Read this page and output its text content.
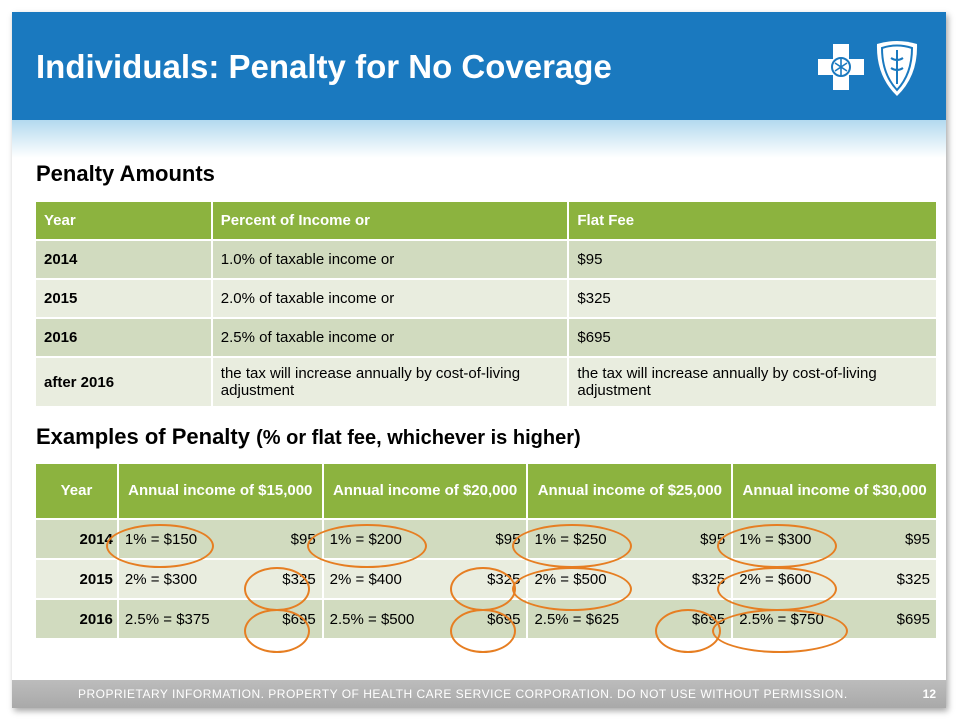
Individuals: Penalty for No Coverage
Penalty Amounts
Year	Percent of Income or	Flat Fee
2014	1.0% of taxable income or	$95
2015	2.0% of taxable income or	$325
2016	2.5% of taxable income or	$695
after 2016	the tax will increase annually by cost-of-living adjustment	the tax will increase annually by cost-of-living adjustment
Examples of Penalty (% or flat fee, whichever is higher)
Year	Annual income of $15,000	Annual income of $20,000	Annual income of $25,000	Annual income of $30,000
2014	1% = $150 $95	1% = $200 $95	1% = $250 $95	1% = $300 $95

2015	2% = $300 $325	2% = $400 $325	2% = $500 $325	2% = $600 $325

2016	2.5% = $375 $695	2.5% = $500 $695	2.5% = $625 $695	2.5% = $750 $695
PROPRIETARY INFORMATION. PROPERTY OF HEALTH CARE SERVICE CORPORATION. DO NOT USE WITHOUT PERMISSION.	12
